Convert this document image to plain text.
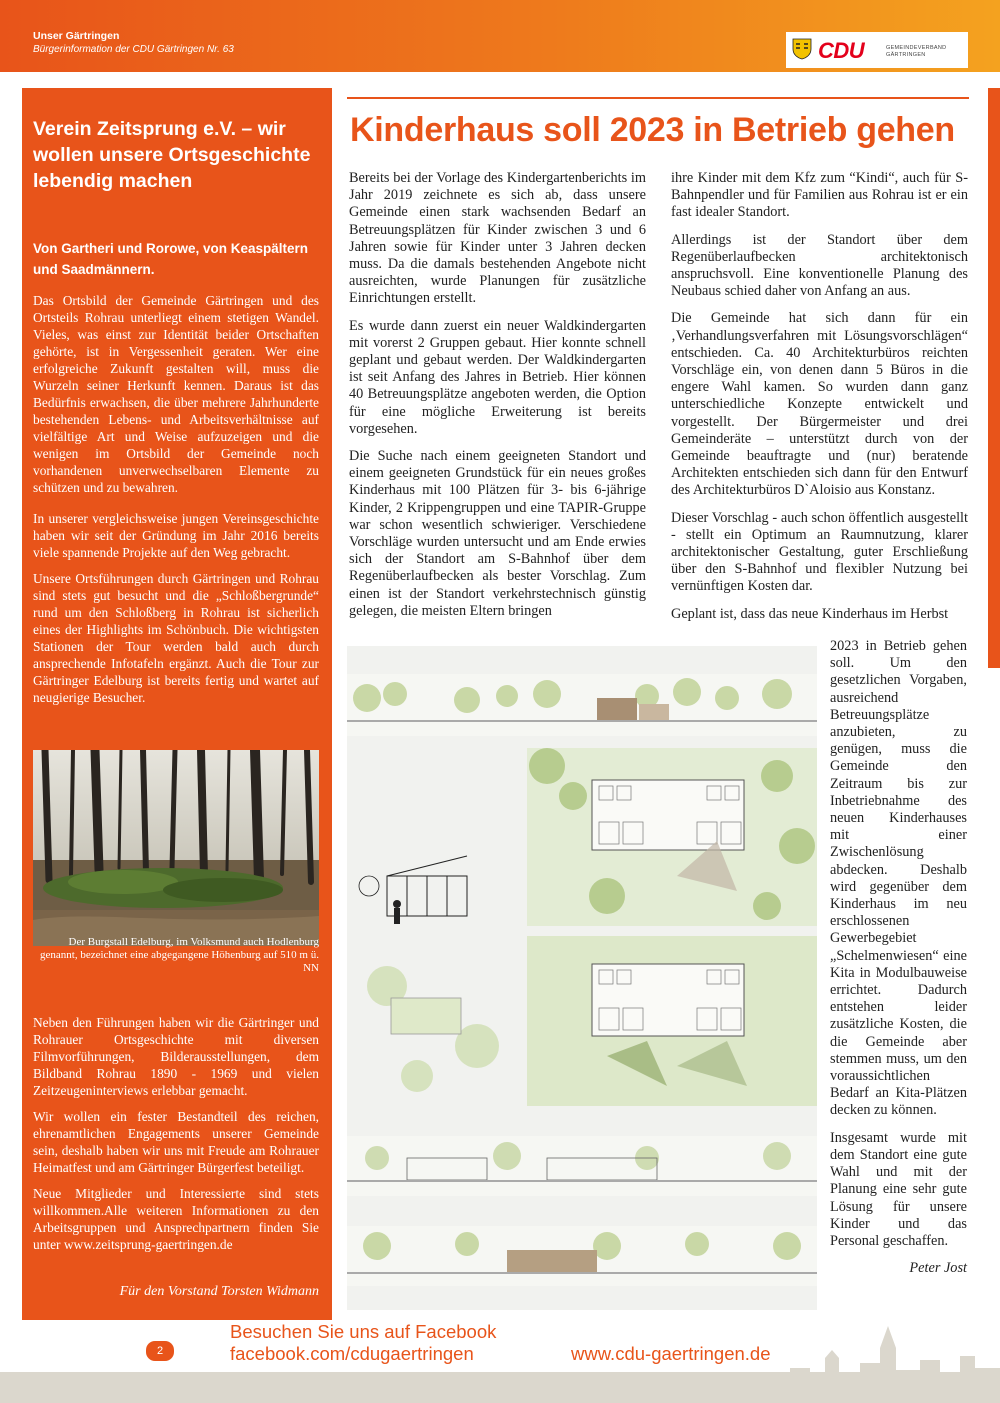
Unser Gärtringen
Bürgerinformation der CDU Gärtringen Nr. 63	CDU	GEMEINDEVERBAND
GÄRTRINGEN
Verein Zeitsprung e.V. – wir wollen unsere Ortsgeschichte lebendig machen
Von Gartheri und Rorowe, von Keaspältern und Saadmännern.

Das Ortsbild der Gemeinde Gärtringen und des Ortsteils Rohrau unterliegt einem stetigen Wandel. Vieles, was einst zur Identität beider Ortschaften gehörte, ist in Vergessenheit geraten. Wer eine erfolgreiche Zukunft gestalten will, muss die Wurzeln seiner Herkunft kennen. Daraus ist das Bedürfnis erwachsen, die über mehrere Jahrhunderte bestehenden Lebens- und Arbeitsverhältnisse auf vielfältige Art und Weise aufzuzeigen und die wenigen im Ortsbild der Gemeinde noch vorhandenen unverwechselbaren Elemente zu schützen und zu bewahren.

In unserer vergleichsweise jungen Vereinsgeschichte haben wir seit der Gründung im Jahr 2016 bereits viele spannende Projekte auf den Weg gebracht.

Unsere Ortsführungen durch Gärtringen und Rohrau sind stets gut besucht und die „Schloßbergrunde“ rund um den Schloßberg in Rohrau ist sicherlich eines der Highlights im Schönbuch. Die wichtigsten Stationen der Tour werden bald auch durch ansprechende Infotafeln ergänzt. Auch die Tour zur Gärtringer Edelburg ist bereits fertig und wartet auf neugierige Besucher.

Der Burgstall Edelburg, im Volksmund auch Hodlenburg genannt, bezeichnet eine abgegangene Höhenburg auf 510 m ü. NN

Neben den Führungen haben wir die Gärtringer und Rohrauer Ortsgeschichte mit diversen Filmvorführungen, Bilderausstellungen, dem Bildband Rohrau 1890 - 1969 und vielen Zeitzeugeninterviews erlebbar gemacht.

Wir wollen ein fester Bestandteil des reichen, ehrenamtlichen Engagements unserer Gemeinde sein, deshalb haben wir uns mit Freude am Rohrauer Heimatfest und am Gärtringer Bürgerfest beteiligt.

Neue Mitglieder und Interessierte sind stets willkommen.Alle weiteren Informationen zu den Arbeitsgruppen und Ansprechpartnern finden Sie unter www.zeitsprung-gaertringen.de

Für den Vorstand Torsten Widmann
Kinderhaus soll 2023 in Betrieb gehen

Bereits bei der Vorlage des Kindergartenberichts im Jahr 2019 zeichnete es sich ab, dass unsere Gemeinde einen stark wachsenden Bedarf an Betreuungsplätzen für Kinder zwischen 3 und 6 Jahren sowie für Kinder unter 3 Jahren decken muss. Da die damals bestehenden Angebote nicht ausreichten, wurde Planungen für zusätzliche Einrichtungen erstellt.

Es wurde dann zuerst ein neuer Waldkindergarten mit vorerst 2 Gruppen gebaut. Hier konnte schnell geplant und gebaut werden. Der Waldkindergarten ist seit Anfang des Jahres in Betrieb. Hier können 40 Betreuungsplätze angeboten werden, die Option für eine mögliche Erweiterung ist bereits vorgesehen.

Die Suche nach einem geeigneten Standort und einem geeigneten Grundstück für ein neues großes Kinderhaus mit 100 Plätzen für 3- bis 6-jährige Kinder, 2 Krippengruppen und eine TAPIR-Gruppe war schon wesentlich schwieriger. Verschiedene Vorschläge wurden untersucht und am Ende erwies sich der Standort am S-Bahnhof über dem Regenüberlaufbecken als bester Vorschlag. Zum einen ist der Standort verkehrstechnisch günstig gelegen, die meisten Eltern bringen

ihre Kinder mit dem Kfz zum “Kindi“, auch für S-Bahnpendler und für Familien aus Rohrau ist er ein fast idealer Standort.

Allerdings ist der Standort über dem Regenüberlaufbecken architektonisch anspruchsvoll. Eine konventionelle Planung des Neubaus schied daher von Anfang an aus.

Die Gemeinde hat sich dann für ein ‚Verhandlungsverfahren mit Lösungsvorschlägen“ entschieden. Ca. 40 Architekturbüros reichten Vorschläge ein, von denen dann 5 Büros in die engere Wahl kamen. So wurden dann ganz unterschiedliche Konzepte entwickelt und vorgestellt. Der Bürgermeister und drei Gemeinderäte – unterstützt durch von der Gemeinde beauftragte und (nur) beratende Architekten entschieden sich dann für den Entwurf des Architekturbüros D`Aloisio aus Konstanz.

Dieser Vorschlag - auch schon öffentlich ausgestellt - stellt ein Optimum an Raumnutzung, klarer architektonischer Gestaltung, guter Erschließung über den S-Bahnhof und flexibler Nutzung bei vernünftigen Kosten dar.

Geplant ist, dass das neue Kinderhaus im Herbst

2023 in Betrieb gehen soll. Um den gesetzlichen Vorgaben, ausreichend Betreuungsplätze anzubieten, zu genügen, muss die Gemeinde den Zeitraum bis zur Inbetriebnahme des neuen Kinderhauses mit einer Zwischenlösung abdecken. Deshalb wird gegenüber dem Kinderhaus im neu erschlossenen Gewerbegebiet „Schelmenwiesen“ eine Kita in Modulbauweise errichtet. Dadurch entstehen leider zusätzliche Kosten, die die Gemeinde aber stemmen muss, um den voraussichtlichen Bedarf an Kita-Plätzen decken zu können.

Insgesamt wurde mit dem Standort eine gute Wahl und mit der Planung eine sehr gute Lösung für unsere Kinder und das Personal geschaffen.

Peter Jost

2
Besuchen Sie uns auf Facebook
facebook.com/cdugaertringen	www.cdu-gaertringen.de
